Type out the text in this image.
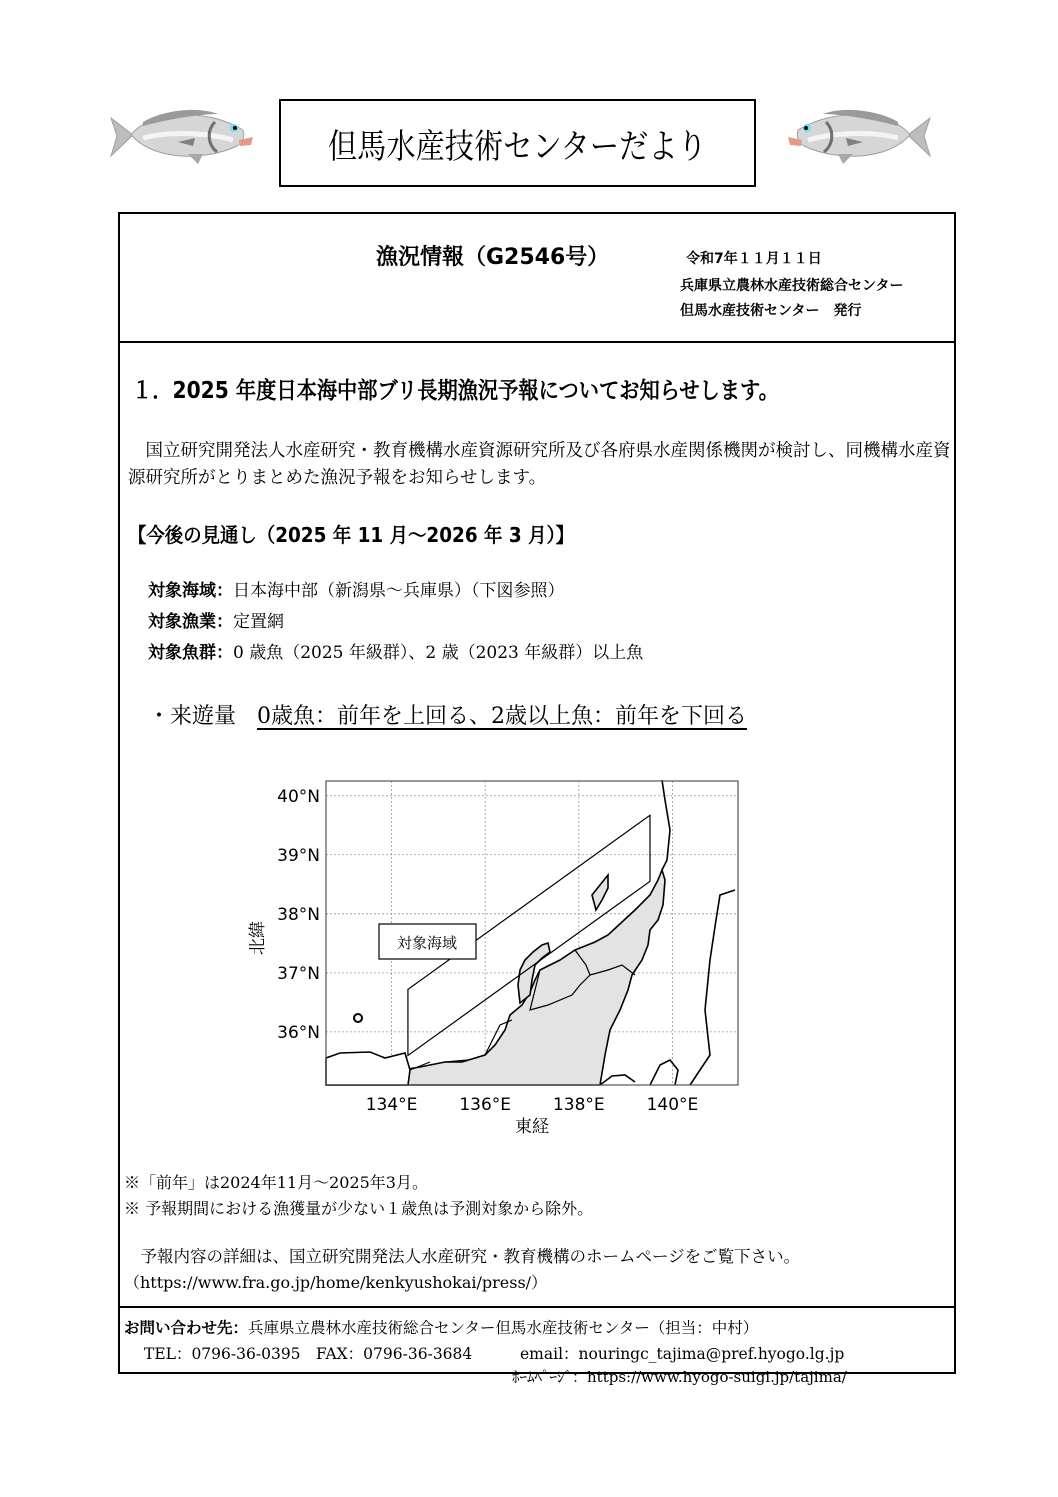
但馬水産技術センターだより
漁況情報（G2546号）	令和7年１１月１１日
兵庫県立農林水産技術総合センター
但馬水産技術センター　発行
１．2025 年度日本海中部ブリ長期漁況予報についてお知らせします。
　国立研究開発法人水産研究・教育機構水産資源研究所及び各府県水産関係機関が検討し、同機構水産資源研究所がとりまとめた漁況予報をお知らせします。
【今後の見通し（2025 年 11 月～2026 年 3 月）】
対象海域：日本海中部（新潟県～兵庫県）（下図参照）
対象漁業：定置網
対象魚群：0 歳魚（2025 年級群）、2 歳（2023 年級群）以上魚
・来遊量 0歳魚：前年を上回る、2歳以上魚：前年を下回る
対象海域
134°E 136°E 138°E 140°E
40°N
39°N
38°N
37°N
36°N
東経
北緯
※「前年」は2024年11月～2025年3月。
※ 予報期間における漁獲量が少ない１歳魚は予測対象から除外。
　予報内容の詳細は、国立研究開発法人水産研究・教育機構のホームページをご覧下さい。
（https://www.fra.go.jp/home/kenkyushokai/press/）
お問い合わせ先：兵庫県立農林水産技術総合センター但馬水産技術センター（担当：中村）
TEL：0796-36-0395　FAX：0796-36-3684	email：nouringc_tajima@pref.hyogo.lg.jp
ﾎｰﾑﾍﾟｰｼﾞ：https://www.hyogo-suigi.jp/tajima/
